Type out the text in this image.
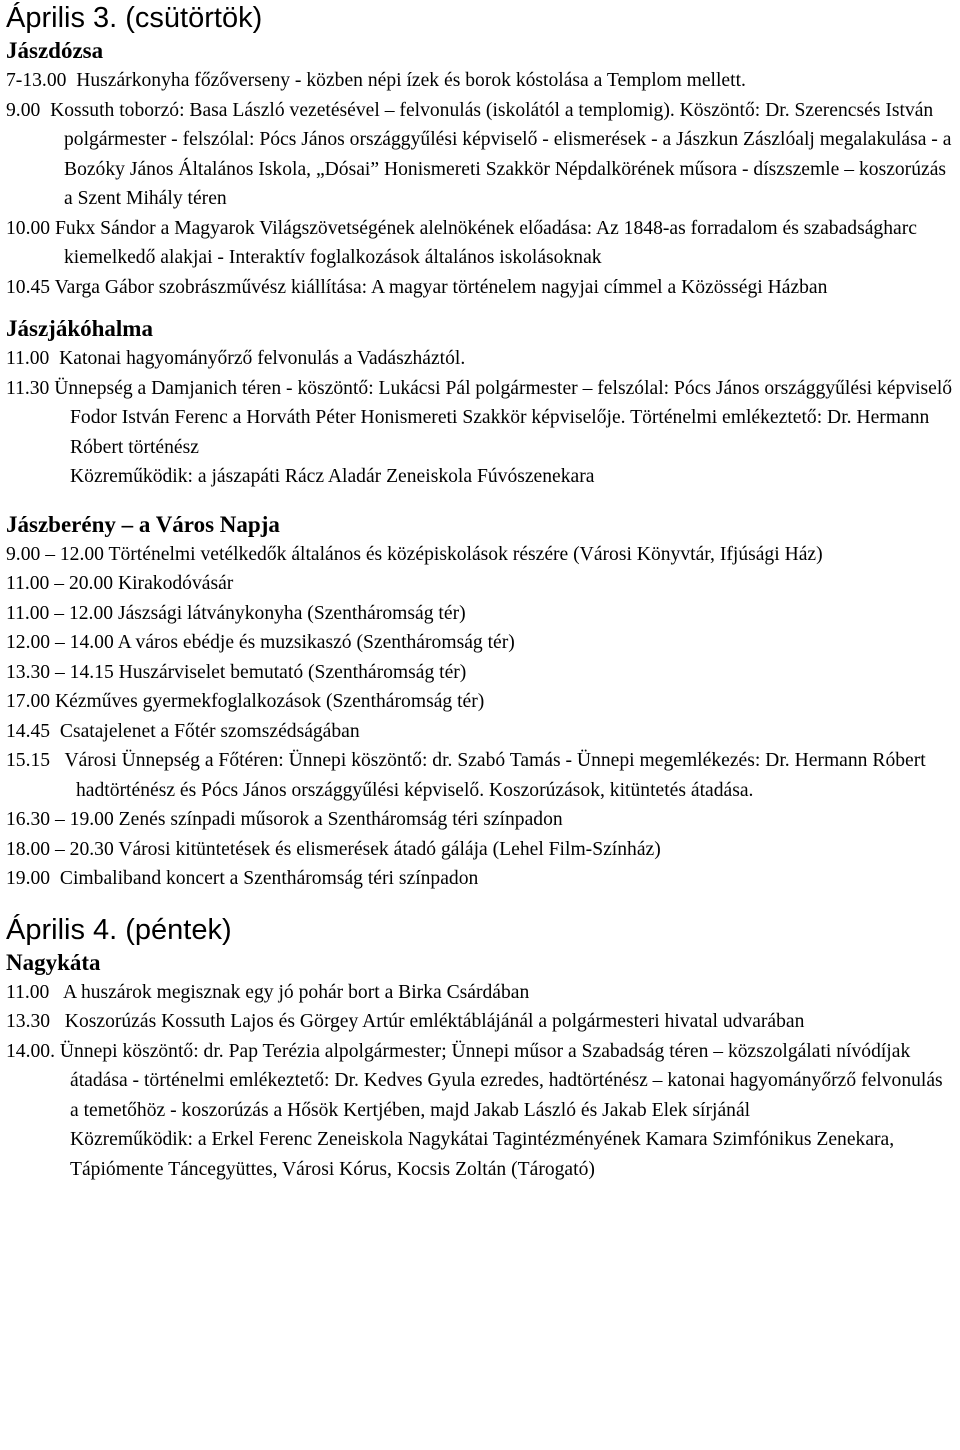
Április 3. (csütörtök)
Jászdózsa
7-13.00 Huszárkonyha főzőverseny - közben népi ízek és borok kóstolása a Templom mellett.
9.00 Kossuth toborzó: Basa László vezetésével – felvonulás (iskolától a templomig). Köszöntő: Dr. Szerencsés István polgármester - felszólal: Pócs János országgyűlési képviselő - elismerések - a Jászkun Zászlóalj megalakulása - a Bozóky János Általános Iskola, „Dósai” Honismereti Szakkör Népdalkörének műsora - díszszemle – koszorúzás a Szent Mihály téren
10.00 Fukx Sándor a Magyarok Világszövetségének alelnökének előadása: Az 1848-as forradalom és szabadságharc kiemelkedő alakjai - Interaktív foglalkozások általános iskolásoknak
10.45 Varga Gábor szobrászművész kiállítása: A magyar történelem nagyjai címmel a Közösségi Házban
Jászjákóhalma
11.00 Katonai hagyományőrző felvonulás a Vadászháztól.
11.30 Ünnepség a Damjanich téren - köszöntő: Lukácsi Pál polgármester – felszólal: Pócs János országgyűlési képviselő Fodor István Ferenc a Horváth Péter Honismereti Szakkör képviselője. Történelmi emlékeztető: Dr. Hermann Róbert történész
Közreműködik: a jászapáti Rácz Aladár Zeneiskola Fúvószenekara
Jászberény – a Város Napja
9.00 – 12.00 Történelmi vetélkedők általános és középiskolások részére (Városi Könyvtár, Ifjúsági Ház)
11.00 – 20.00 Kirakodóvásár
11.00 – 12.00 Jászsági látványkonyha (Szentháromság tér)
12.00 – 14.00 A város ebédje és muzsikaszó (Szentháromság tér)
13.30 – 14.15 Huszárviselet bemutató (Szentháromság tér)
17.00 Kézműves gyermekfoglalkozások (Szentháromság tér)
14.45 Csatajelenet a Főtér szomszédságában
15.15 Városi Ünnepség a Főtéren: Ünnepi köszöntő: dr. Szabó Tamás - Ünnepi megemlékezés: Dr. Hermann Róbert hadtörténész és Pócs János országgyűlési képviselő. Koszorúzások, kitüntetés átadása.
16.30 – 19.00 Zenés színpadi műsorok a Szentháromság téri színpadon
18.00 – 20.30 Városi kitüntetések és elismerések átadó gálája (Lehel Film-Színház)
19.00 Cimbaliband koncert a Szentháromság téri színpadon
Április 4. (péntek)
Nagykáta
11.00 A huszárok megisznak egy jó pohár bort a Birka Csárdában
13.30 Koszorúzás Kossuth Lajos és Görgey Artúr emléktáblájánál a polgármesteri hivatal udvarában
14.00. Ünnepi köszöntő: dr. Pap Terézia alpolgármester; Ünnepi műsor a Szabadság téren – közszolgálati nívódíjak átadása - történelmi emlékeztető: Dr. Kedves Gyula ezredes, hadtörténész – katonai hagyományőrző felvonulás a temetőhöz - koszorúzás a Hősök Kertjében, majd Jakab László és Jakab Elek sírjánál
Közreműködik: a Erkel Ferenc Zeneiskola Nagykátai Tagintézményének Kamara Szimfónikus Zenekara, Tápiómente Táncegyüttes, Városi Kórus, Kocsis Zoltán (Tárogató)
